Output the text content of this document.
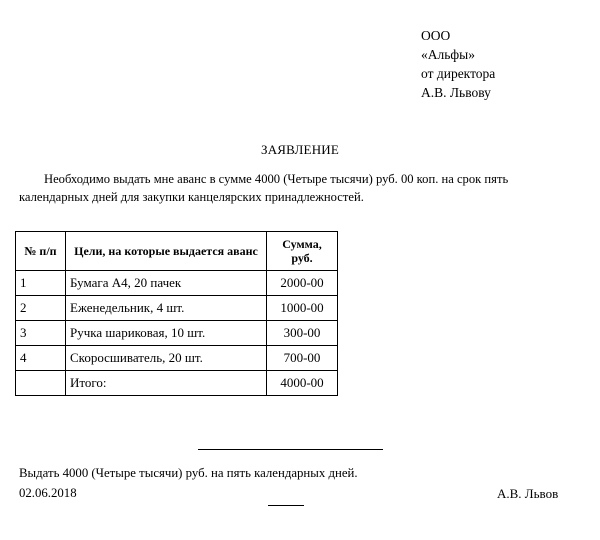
ООО
«Альфы»
от директора
А.В. Львову
ЗАЯВЛЕНИЕ
Необходимо выдать мне аванс в сумме 4000 (Четыре тысячи) руб. 00 коп. на срок пять календарных дней для закупки канцелярских принадлежностей.
№ п/п	Цели, на которые выдается аванс	Сумма, руб.
1	Бумага А4, 20 пачек	2000-00
2	Еженедельник, 4 шт.	1000-00
3	Ручка шариковая, 10 шт.	300-00
4	Скоросшиватель, 20 шт.	700-00
	Итого:	4000-00
Выдать 4000 (Четыре тысячи) руб. на пять календарных дней.
02.06.2018	А.В. Львов
